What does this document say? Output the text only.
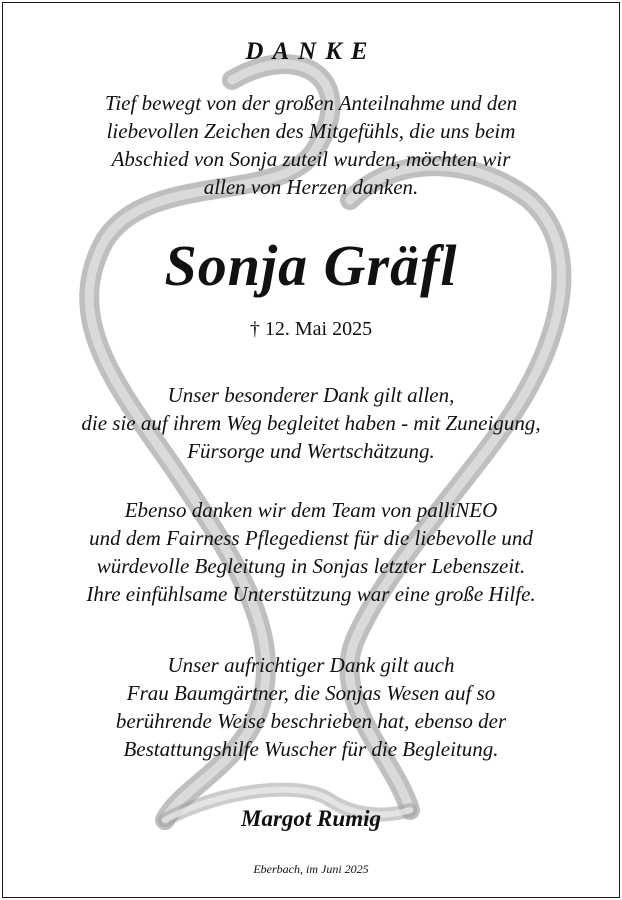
DANKE

Tief bewegt von der großen Anteilnahme und den
liebevollen Zeichen des Mitgefühls, die uns beim
Abschied von Sonja zuteil wurden, möchten wir
allen von Herzen danken.

Sonja Gräfl

† 12. Mai 2025

Unser besonderer Dank gilt allen,
die sie auf ihrem Weg begleitet haben - mit Zuneigung,
Fürsorge und Wertschätzung.

Ebenso danken wir dem Team von palliNEO
und dem Fairness Pflegedienst für die liebevolle und
würdevolle Begleitung in Sonjas letzter Lebenszeit.
Ihre einfühlsame Unterstützung war eine große Hilfe.

Unser aufrichtiger Dank gilt auch
Frau Baumgärtner, die Sonjas Wesen auf so
berührende Weise beschrieben hat, ebenso der
Bestattungshilfe Wuscher für die Begleitung.

Margot Rumig

Eberbach, im Juni 2025
